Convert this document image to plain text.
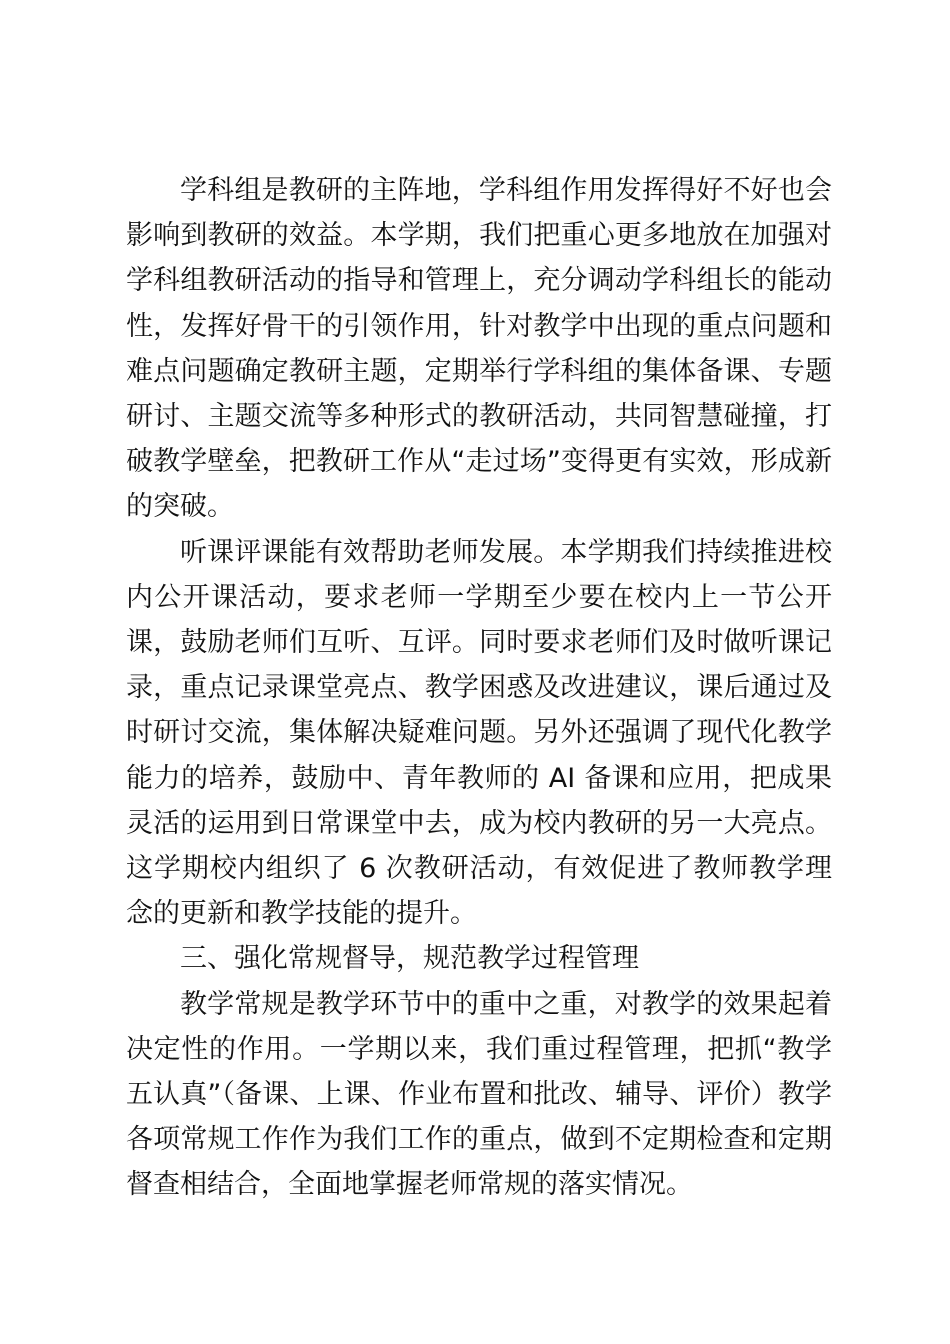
学科组是教研的主阵地，学科组作用发挥得好不好也会影响到教研的效益。本学期，我们把重心更多地放在加强对学科组教研活动的指导和管理上，充分调动学科组长的能动性，发挥好骨干的引领作用，针对教学中出现的重点问题和难点问题确定教研主题，定期举行学科组的集体备课、专题研讨、主题交流等多种形式的教研活动，共同智慧碰撞，打破教学壁垒，把教研工作从“走过场”变得更有实效，形成新的突破。

听课评课能有效帮助老师发展。本学期我们持续推进校内公开课活动，要求老师一学期至少要在校内上一节公开课，鼓励老师们互听、互评。同时要求老师们及时做听课记录，重点记录课堂亮点、教学困惑及改进建议，课后通过及时研讨交流，集体解决疑难问题。另外还强调了现代化教学能力的培养，鼓励中、青年教师的 AI 备课和应用，把成果灵活的运用到日常课堂中去，成为校内教研的另一大亮点。这学期校内组织了 6 次教研活动，有效促进了教师教学理念的更新和教学技能的提升。

三、强化常规督导，规范教学过程管理

教学常规是教学环节中的重中之重，对教学的效果起着决定性的作用。一学期以来，我们重过程管理，把抓“教学五认真”（备课、上课、作业布置和批改、辅导、评价）教学各项常规工作作为我们工作的重点，做到不定期检查和定期督查相结合，全面地掌握老师常规的落实情况。
